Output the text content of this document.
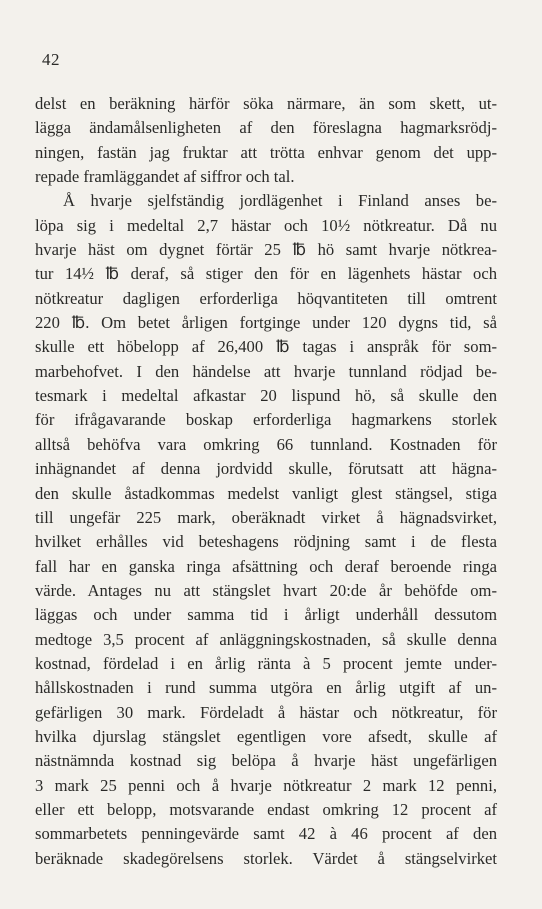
42
delst en beräkning härför söka närmare, än som skett, ut-
lägga ändamålsenligheten af den föreslagna hagmarksrödj-
ningen, fastän jag fruktar att trötta enhvar genom det upp-
repade framläggandet af siffror och tal.
Å hvarje sjelfständig jordlägenhet i Finland anses be-
löpa sig i medeltal 2,7 hästar och 10½ nötkreatur. Då nu
hvarje häst om dygnet förtär 25 ℔ hö samt hvarje nötkrea-
tur 14½ ℔ deraf, så stiger den för en lägenhets hästar och
nötkreatur dagligen erforderliga höqvantiteten till omtrent
220 ℔. Om betet årligen fortginge under 120 dygns tid, så
skulle ett höbelopp af 26,400 ℔ tagas i anspråk för som-
marbehofvet. I den händelse att hvarje tunnland rödjad be-
tesmark i medeltal afkastar 20 lispund hö, så skulle den
för ifrågavarande boskap erforderliga hagmarkens storlek
alltså behöfva vara omkring 66 tunnland. Kostnaden för
inhägnandet af denna jordvidd skulle, förutsatt att hägna-
den skulle åstadkommas medelst vanligt glest stängsel, stiga
till ungefär 225 mark, oberäknadt virket å hägnadsvirket,
hvilket erhålles vid beteshagens rödjning samt i de flesta
fall har en ganska ringa afsättning och deraf beroende ringa
värde. Antages nu att stängslet hvart 20:de år behöfde om-
läggas och under samma tid i årligt underhåll dessutom
medtoge 3,5 procent af anläggningskostnaden, så skulle denna
kostnad, fördelad i en årlig ränta à 5 procent jemte under-
hållskostnaden i rund summa utgöra en årlig utgift af un-
gefärligen 30 mark. Fördeladt å hästar och nötkreatur, för
hvilka djurslag stängslet egentligen vore afsedt, skulle af
nästnämnda kostnad sig belöpa å hvarje häst ungefärligen
3 mark 25 penni och å hvarje nötkreatur 2 mark 12 penni,
eller ett belopp, motsvarande endast omkring 12 procent af
sommarbetets penningevärde samt 42 à 46 procent af den
beräknade skadegörelsens storlek. Värdet å stängselvirket
